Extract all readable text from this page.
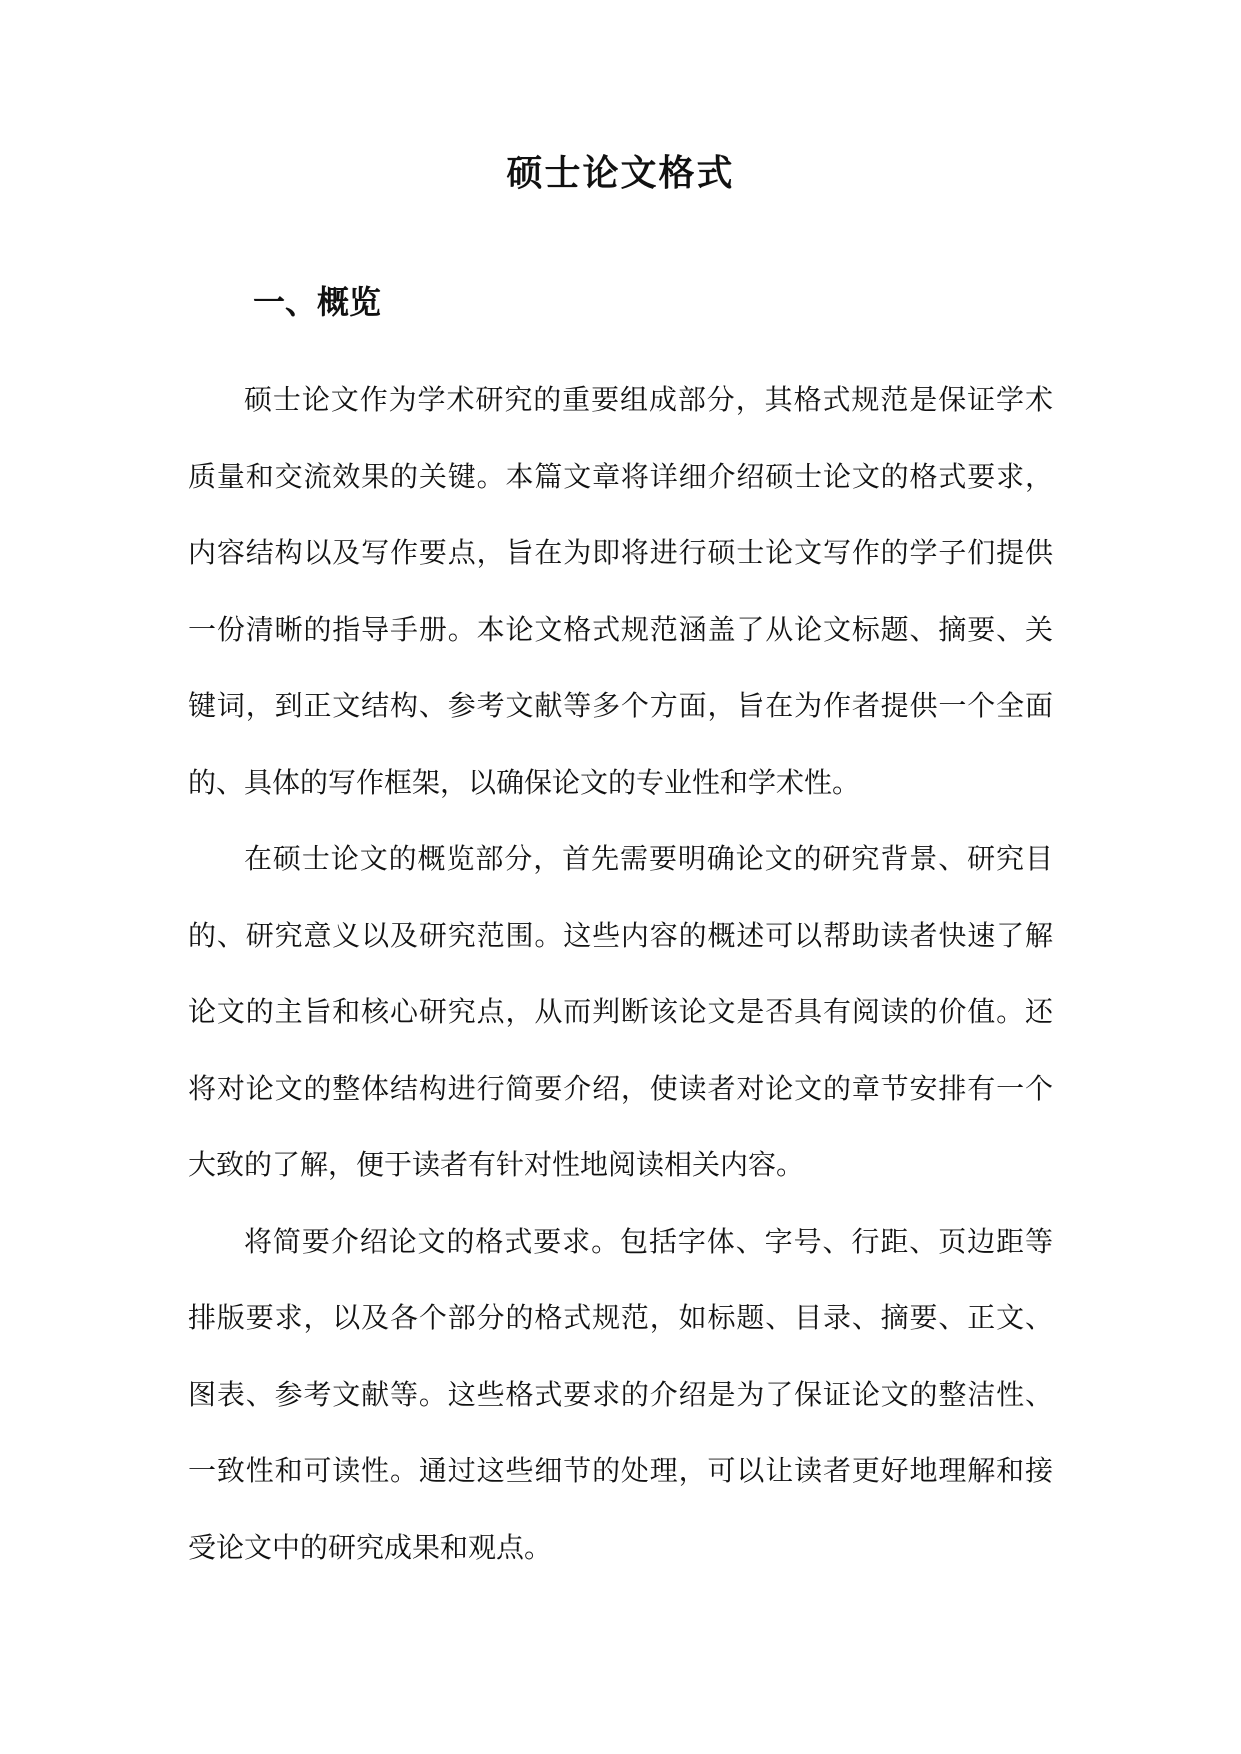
硕士论文格式
一、概览

硕士论文作为学术研究的重要组成部分，其格式规范是保证学术质量和交流效果的关键。本篇文章将详细介绍硕士论文的格式要求，内容结构以及写作要点，旨在为即将进行硕士论文写作的学子们提供一份清晰的指导手册。本论文格式规范涵盖了从论文标题、摘要、关键词，到正文结构、参考文献等多个方面，旨在为作者提供一个全面的、具体的写作框架，以确保论文的专业性和学术性。

在硕士论文的概览部分，首先需要明确论文的研究背景、研究目的、研究意义以及研究范围。这些内容的概述可以帮助读者快速了解论文的主旨和核心研究点，从而判断该论文是否具有阅读的价值。还将对论文的整体结构进行简要介绍，使读者对论文的章节安排有一个大致的了解，便于读者有针对性地阅读相关内容。

将简要介绍论文的格式要求。包括字体、字号、行距、页边距等排版要求，以及各个部分的格式规范，如标题、目录、摘要、正文、图表、参考文献等。这些格式要求的介绍是为了保证论文的整洁性、一致性和可读性。通过这些细节的处理，可以让读者更好地理解和接受论文中的研究成果和观点。
